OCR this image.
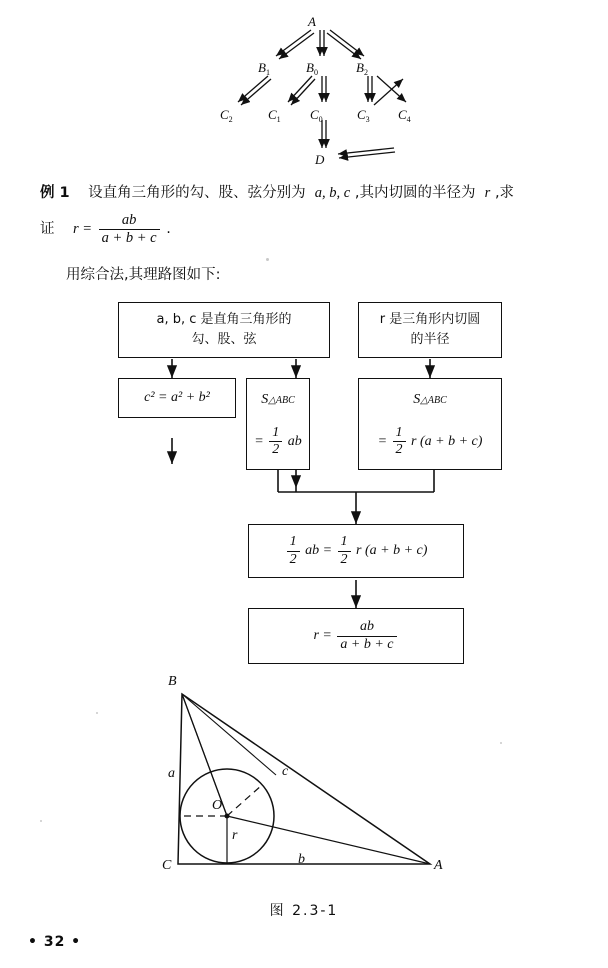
A
$B_1$	$B_0$	$B_2$
$C_2$	$C_1$ $C_0$	$C_3$ $C_4$
D
例 1 设直角三角形的勾、股、弦分别为 a, b, c ,其内切圆的半径为 r ,求
证 $r = \frac{ab}{a + b + c}$ .
用综合法,其理路图如下:
a, b, c 是直角三角形的
勾、股、弦
r 是三角形内切圆
的半径
c² = a² + b²	S△ABC
= $\frac{1}{2}$ ab
S△ABC
= $\frac{1}{2}$ r (a + b + c)
$\frac{1}{2}$ ab = $\frac{1}{2}$ r (a + b + c)
$r = \frac{ab}{a + b + c}$
B
C	A
O
a
b
c
r
图 2.3-1
• 32 •
